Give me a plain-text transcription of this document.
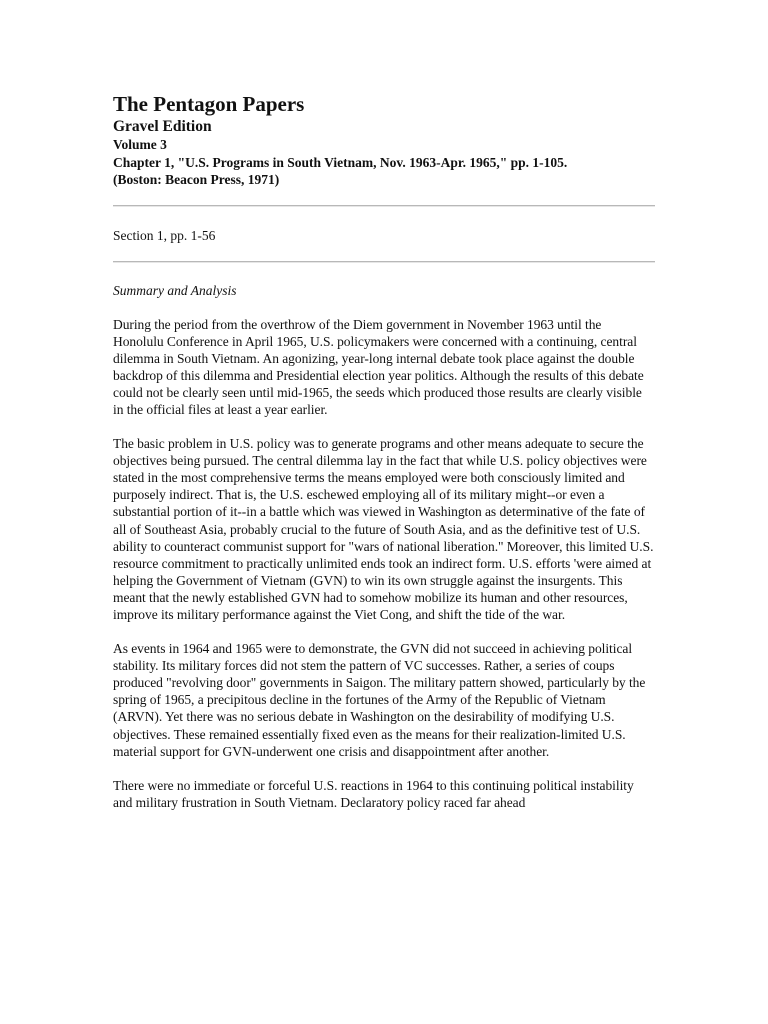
The Pentagon Papers
Gravel Edition
Volume 3
Chapter 1, "U.S. Programs in South Vietnam, Nov. 1963-Apr. 1965," pp. 1-105.
(Boston: Beacon Press, 1971)
Section 1, pp. 1-56
Summary and Analysis

During the period from the overthrow of the Diem government in November 1963 until the Honolulu Conference in April 1965, U.S. policymakers were concerned with a continuing, central dilemma in South Vietnam. An agonizing, year-long internal debate took place against the double backdrop of this dilemma and Presidential election year politics. Although the results of this debate could not be clearly seen until mid-1965, the seeds which produced those results are clearly visible in the official files at least a year earlier.

The basic problem in U.S. policy was to generate programs and other means adequate to secure the objectives being pursued. The central dilemma lay in the fact that while U.S. policy objectives were stated in the most comprehensive terms the means employed were both consciously limited and purposely indirect. That is, the U.S. eschewed employing all of its military might--or even a substantial portion of it--in a battle which was viewed in Washington as determinative of the fate of all of Southeast Asia, probably crucial to the future of South Asia, and as the definitive test of U.S. ability to counteract communist support for "wars of national liberation." Moreover, this limited U.S. resource commitment to practically unlimited ends took an indirect form. U.S. efforts 'were aimed at helping the Government of Vietnam (GVN) to win its own struggle against the insurgents. This meant that the newly established GVN had to somehow mobilize its human and other resources, improve its military performance against the Viet Cong, and shift the tide of the war.

As events in 1964 and 1965 were to demonstrate, the GVN did not succeed in achieving political stability. Its military forces did not stem the pattern of VC successes. Rather, a series of coups produced "revolving door" governments in Saigon. The military pattern showed, particularly by the spring of 1965, a precipitous decline in the fortunes of the Army of the Republic of Vietnam (ARVN). Yet there was no serious debate in Washington on the desirability of modifying U.S. objectives. These remained essentially fixed even as the means for their realization-limited U.S. material support for GVN-underwent one crisis and disappointment after another.

There were no immediate or forceful U.S. reactions in 1964 to this continuing political instability and military frustration in South Vietnam. Declaratory policy raced far ahead
